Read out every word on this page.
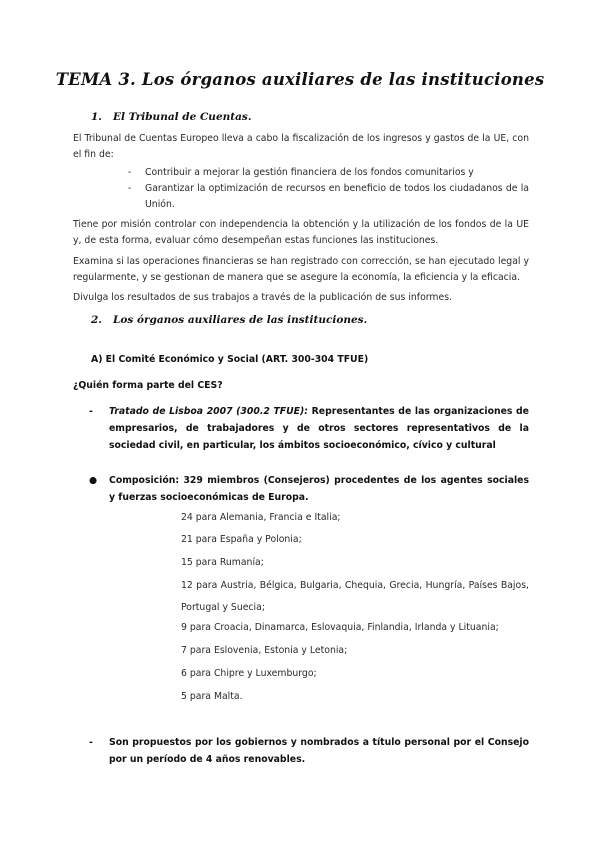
TEMA 3. Los órganos auxiliares de las instituciones
1. El Tribunal de Cuentas.
El Tribunal de Cuentas Europeo lleva a cabo la fiscalización de los ingresos y gastos de la UE, con el fin de:
- Contribuir a mejorar la gestión financiera de los fondos comunitarios y
- Garantizar la optimización de recursos en beneficio de todos los ciudadanos de la Unión.
Tiene por misión controlar con independencia la obtención y la utilización de los fondos de la UE y, de esta forma, evaluar cómo desempeñan estas funciones las instituciones.
Examina si las operaciones financieras se han registrado con corrección, se han ejecutado legal y regularmente, y se gestionan de manera que se asegure la economía, la eficiencia y la eficacia.
Divulga los resultados de sus trabajos a través de la publicación de sus informes.
2. Los órganos auxiliares de las instituciones.
A) El Comité Económico y Social (ART. 300-304 TFUE)
¿Quién forma parte del CES?
- Tratado de Lisboa 2007 (300.2 TFUE): Representantes de las organizaciones de empresarios, de trabajadores y de otros sectores representativos de la sociedad civil, en particular, los ámbitos socioeconómico, cívico y cultural
● Composición: 329 miembros (Consejeros) procedentes de los agentes sociales y fuerzas socioeconómicas de Europa.
24 para Alemania, Francia e Italia;
21 para España y Polonia;
15 para Rumanía;
12 para Austria, Bélgica, Bulgaria, Chequia, Grecia, Hungría, Países Bajos, Portugal y Suecia;
9 para Croacia, Dinamarca, Eslovaquia, Finlandia, Irlanda y Lituania;
7 para Eslovenia, Estonia y Letonia;
6 para Chipre y Luxemburgo;
5 para Malta.
- Son propuestos por los gobiernos y nombrados a título personal por el Consejo por un período de 4 años renovables.
